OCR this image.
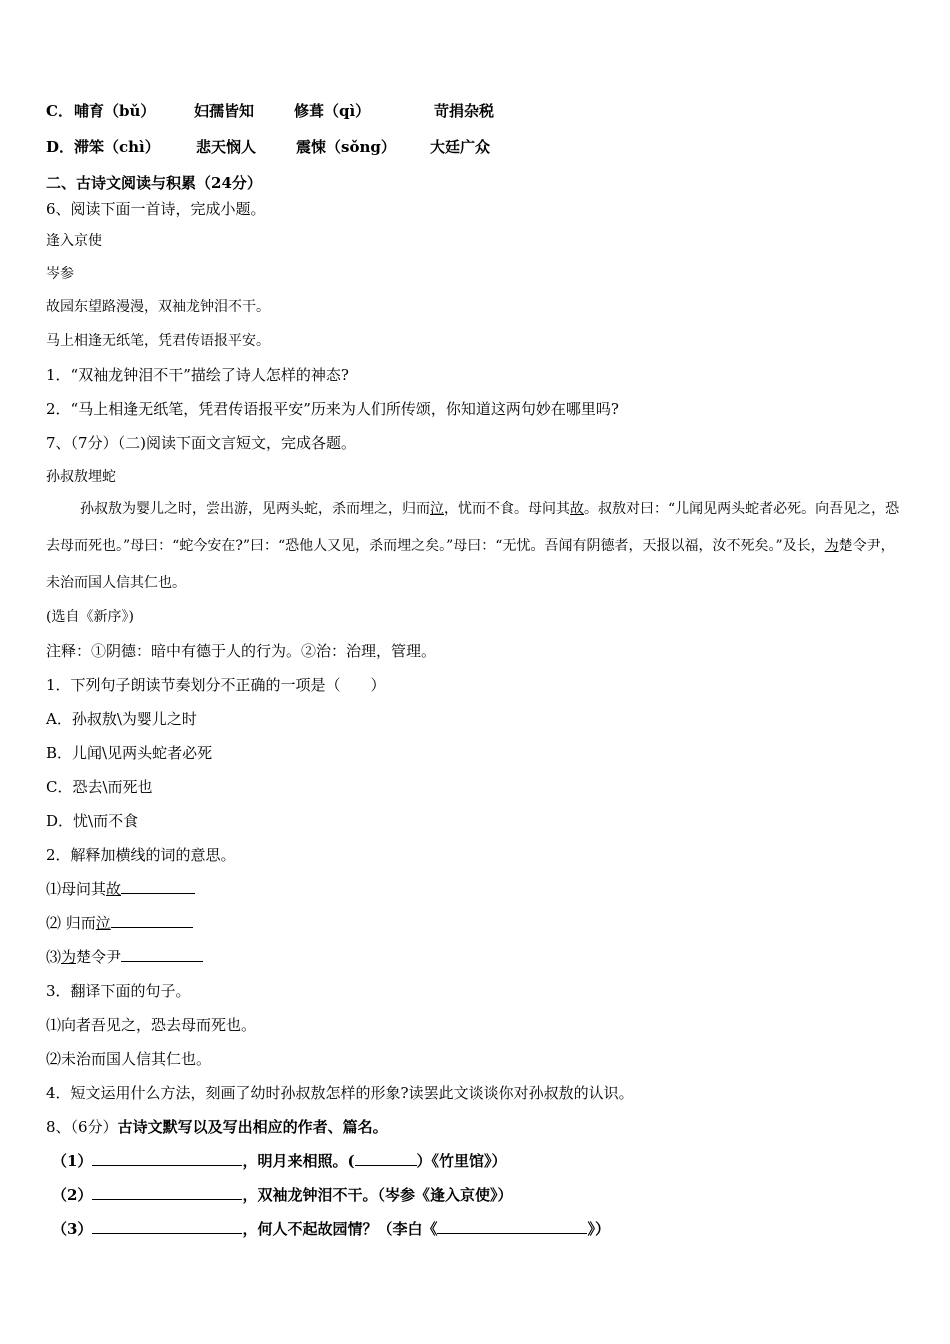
C． 哺育（bǔ）	妇孺皆知	修葺（qì）	苛捐杂税
D． 滞笨（chì） 悲天悯人	震悚（sǒng） 大廷广众
二、古诗文阅读与积累（24分）
6、阅读下面一首诗，完成小题。
逢入京使
岑参
故园东望路漫漫，双袖龙钟泪不干。
马上相逢无纸笔，凭君传语报平安。
1．“双袖龙钟泪不干”描绘了诗人怎样的神态?
2．“马上相逢无纸笔，凭君传语报平安”历来为人们所传颂，你知道这两句妙在哪里吗?
7、（7分）（二)阅读下面文言短文，完成各题。
孙叔敖埋蛇
孙叔敖为婴儿之时，尝出游，见两头蛇，杀而埋之，归而泣，忧而不食。母问其故。叔敖对曰：“儿闻见两头蛇者必死。向吾见之，恐去母而死也。”母曰：“蛇今安在?”曰：“恐他人又见，杀而埋之矣。”母曰：“无忧。吾闻有阴德者，天报以福，汝不死矣。”及长，为楚令尹，未治而国人信其仁也。
(选自《新序》)
注释：①阴德：暗中有德于人的行为。②治：治理，管理。
1．下列句子朗读节奏划分不正确的一项是（　　）
A．孙叔敖\为婴儿之时
B．儿闻\见两头蛇者必死
C．恐去\而死也
D．忧\而不食
2．解释加横线的词的意思。
⑴母问其故
⑵ 归而泣
⑶为楚令尹
3．翻译下面的句子。
⑴向者吾见之，恐去母而死也。
⑵未治而国人信其仁也。
4．短文运用什么方法，刻画了幼时孙叔敖怎样的形象?读罢此文谈谈你对孙叔敖的认识。
8、（6分）古诗文默写以及写出相应的作者、篇名。
（1）	，明月来相照。(	）《竹里馆》）
（2）	，双袖龙钟泪不干。（岑参《逢入京使》）
（3）	，何人不起故园情？（李白《	》）
